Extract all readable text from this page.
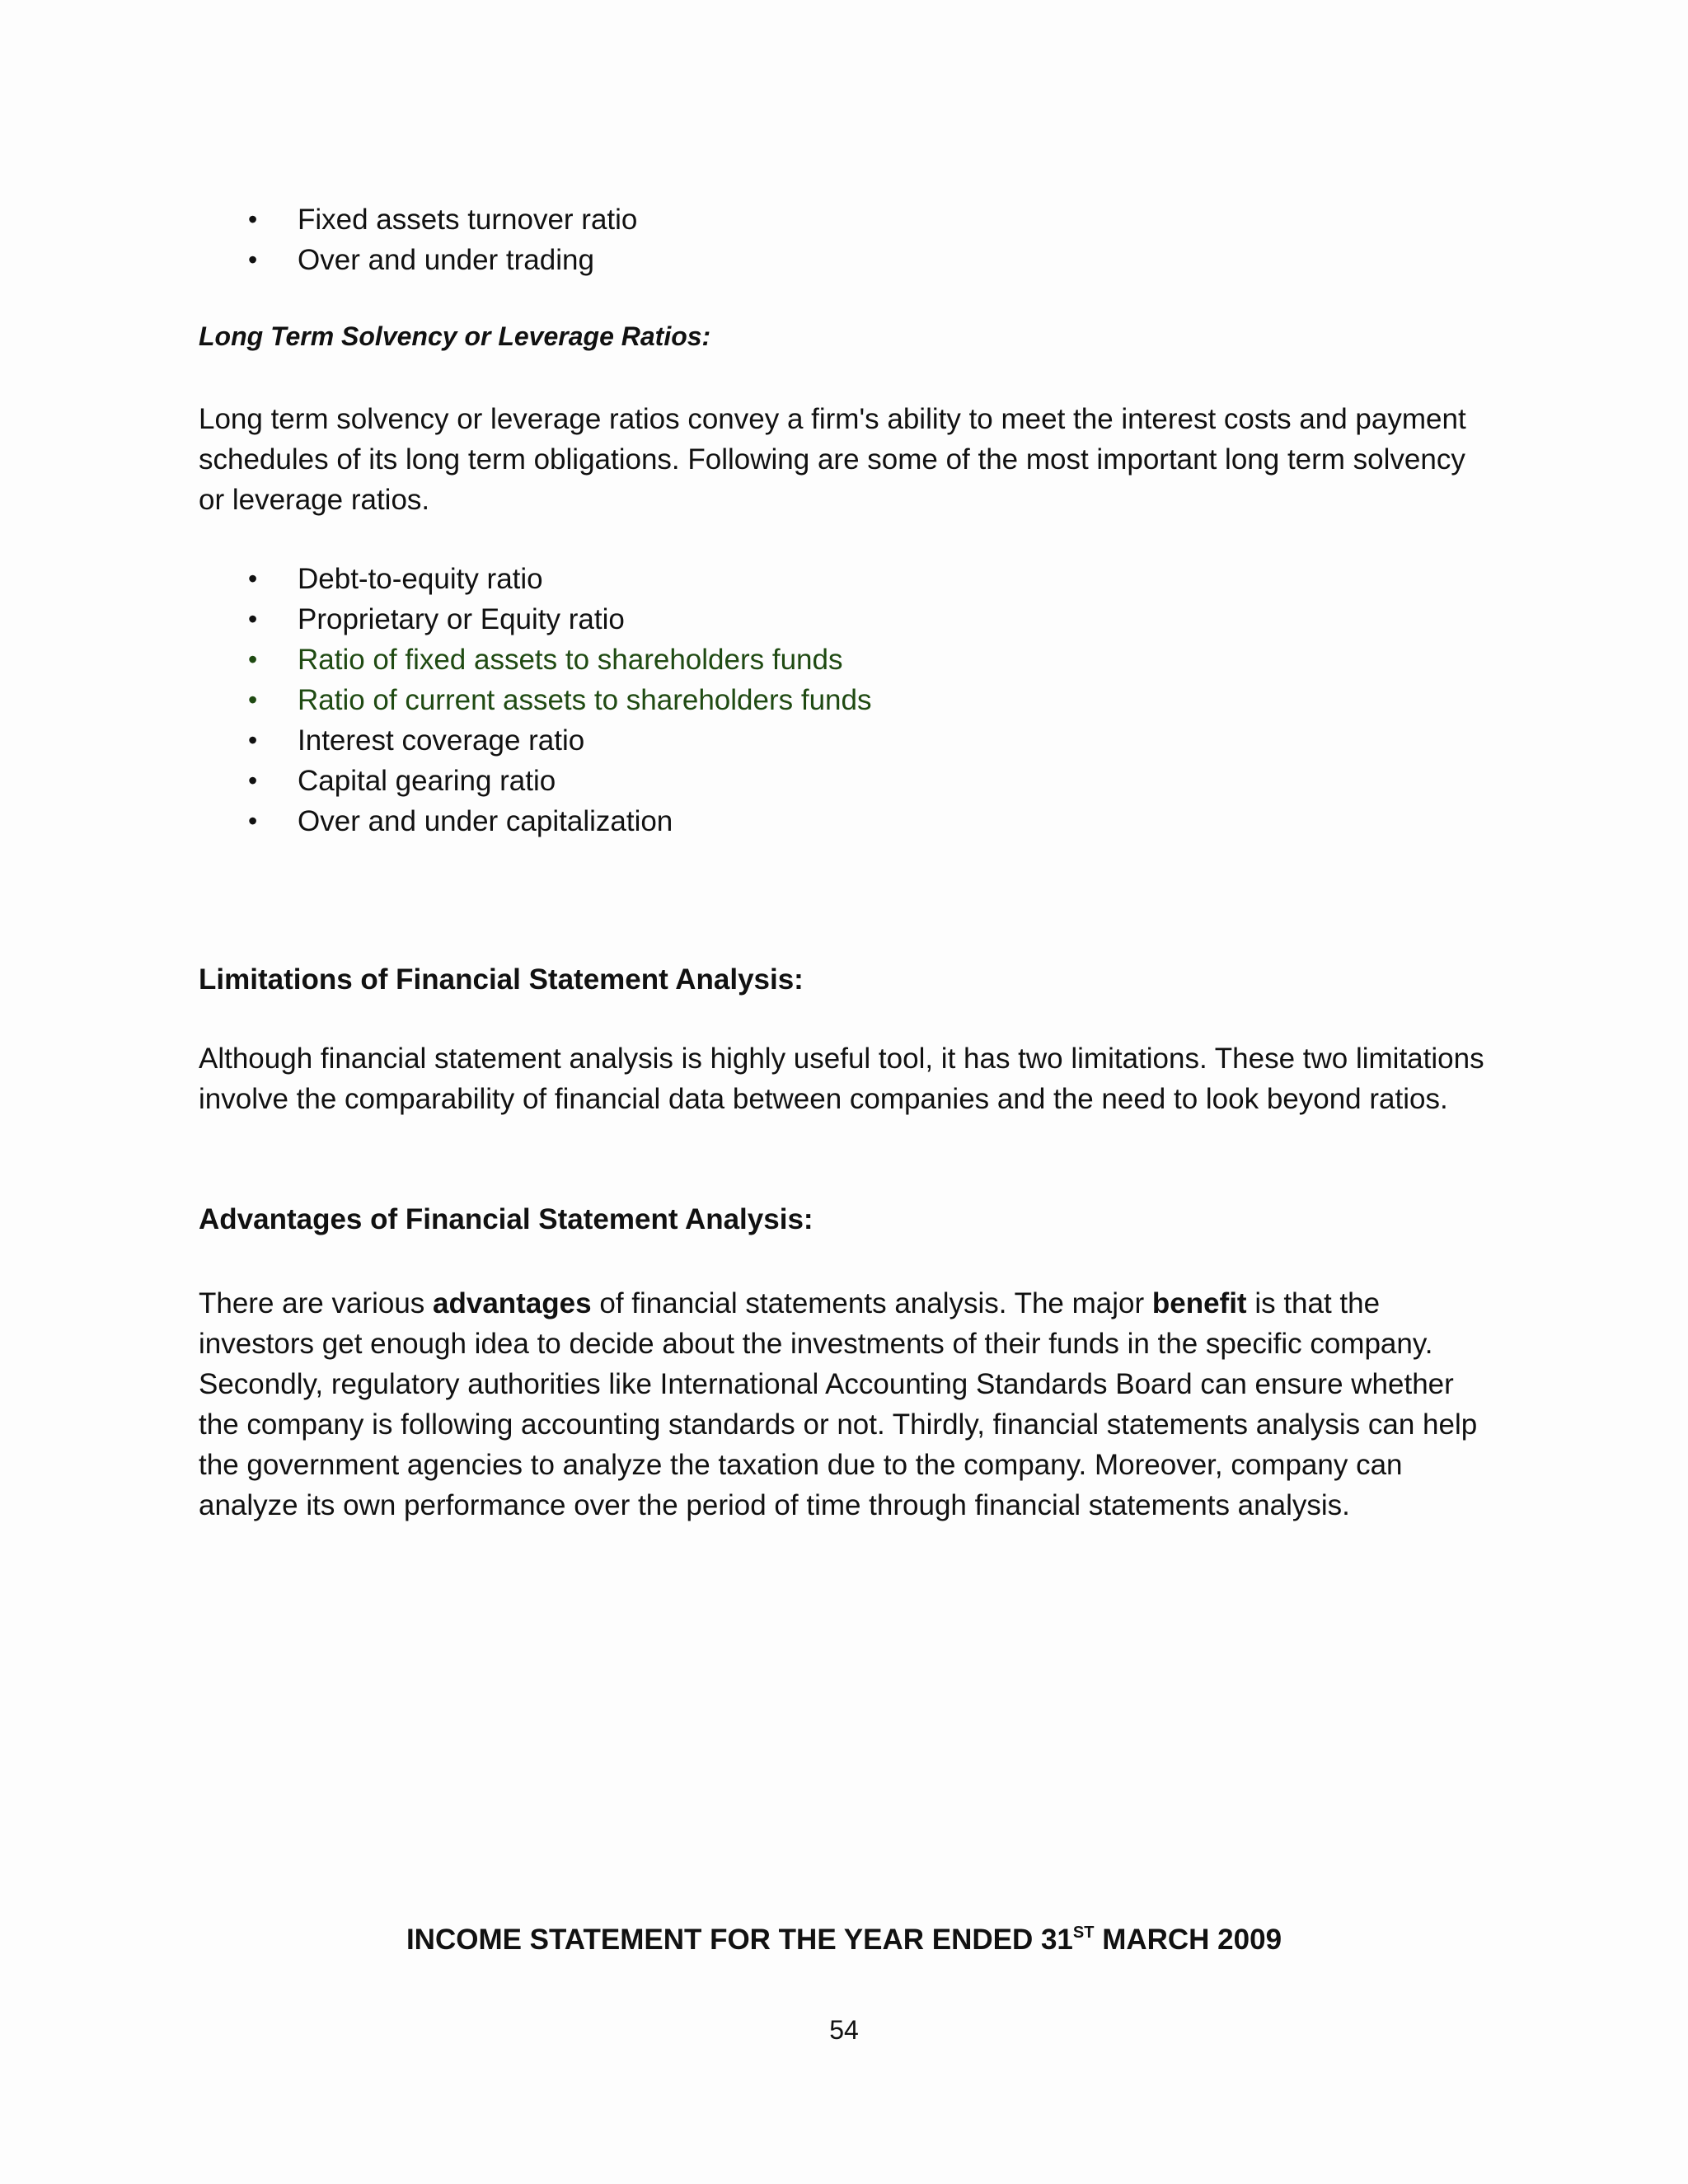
• Fixed assets turnover ratio
• Over and under trading
Long Term Solvency or Leverage Ratios:

Long term solvency or leverage ratios convey a firm's ability to meet the interest costs and payment schedules of its long term obligations. Following are some of the most important long term solvency or leverage ratios.

• Debt-to-equity ratio
• Proprietary or Equity ratio
• Ratio of fixed assets to shareholders funds
• Ratio of current assets to shareholders funds
• Interest coverage ratio
• Capital gearing ratio
• Over and under capitalization
Limitations of Financial Statement Analysis:

Although financial statement analysis is highly useful tool, it has two limitations. These two limitations involve the comparability of financial data between companies and the need to look beyond ratios.

Advantages of Financial Statement Analysis:

There are various advantages of financial statements analysis. The major benefit is that the investors get enough idea to decide about the investments of their funds in the specific company. Secondly, regulatory authorities like International Accounting Standards Board can ensure whether the company is following accounting standards or not. Thirdly, financial statements analysis can help the government agencies to analyze the taxation due to the company. Moreover, company can analyze its own performance over the period of time through financial statements analysis.

INCOME STATEMENT FOR THE YEAR ENDED 31ST MARCH 2009
54
